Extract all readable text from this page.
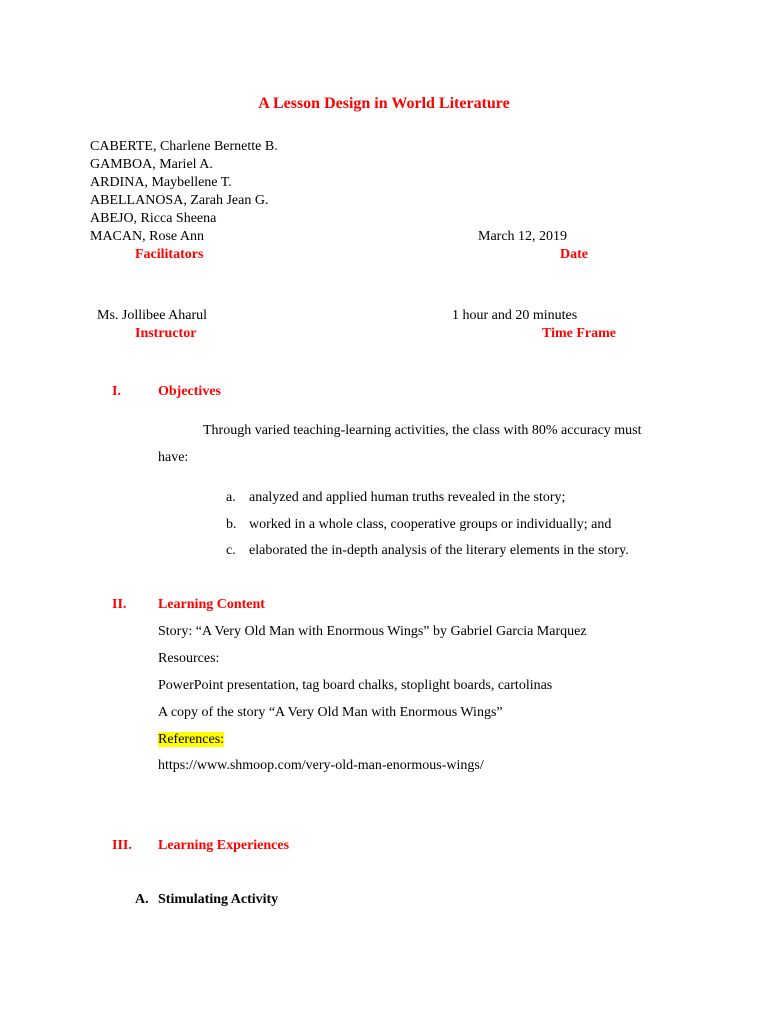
A Lesson Design in World Literature
CABERTE, Charlene Bernette B.
GAMBOA, Mariel A.
ARDINA, Maybellene T.
ABELLANOSA, Zarah Jean G.
ABEJO, Ricca Sheena
MACAN, Rose Ann	March 12, 2019
Facilitators	Date
Ms. Jollibee Aharul	1 hour and 20 minutes
Instructor	Time Frame
I.	Objectives
Through varied teaching-learning activities, the class with 80% accuracy must
have:
a. analyzed and applied human truths revealed in the story;
b. worked in a whole class, cooperative groups or individually; and
c. elaborated the in-depth analysis of the literary elements in the story.
II. Learning Content
Story: “A Very Old Man with Enormous Wings” by Gabriel Garcia Marquez
Resources:
PowerPoint presentation, tag board chalks, stoplight boards, cartolinas
A copy of the story “A Very Old Man with Enormous Wings”
References:
https://www.shmoop.com/very-old-man-enormous-wings/
III. Learning Experiences
A. Stimulating Activity
